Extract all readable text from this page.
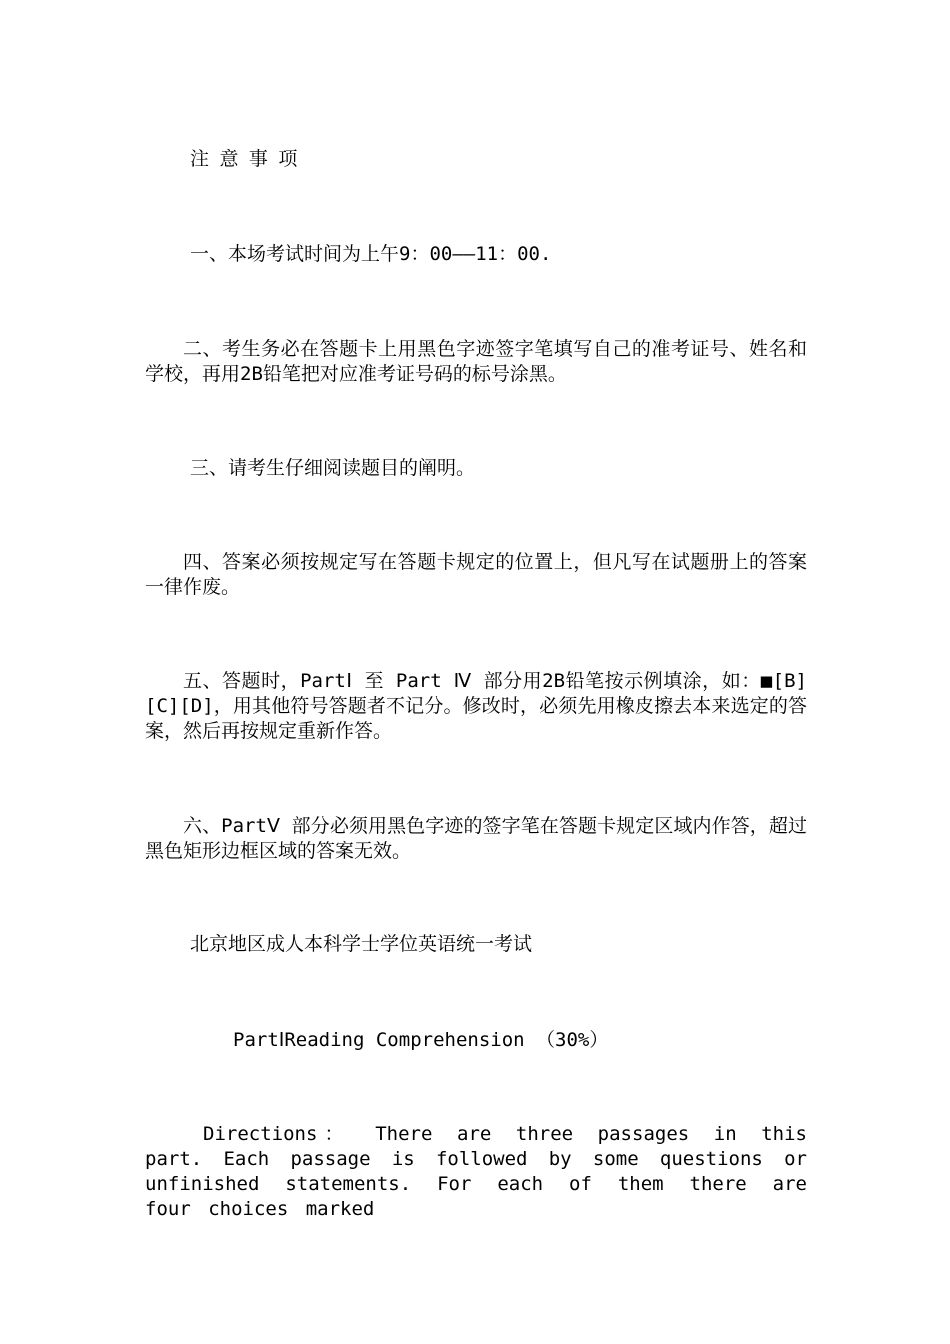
注意事项
一、本场考试时间为上午9：00——11：00.
二、考生务必在答题卡上用黑色字迹签字笔填写自己的准考证号、姓名和学校，再用2B铅笔把对应准考证号码的标号涂黑。
三、请考生仔细阅读题目的阐明。
四、答案必须按规定写在答题卡规定的位置上，但凡写在试题册上的答案一律作废。
五、答题时，PartⅠ 至 Part Ⅳ 部分用2B铅笔按示例填涂，如：■[B][C][D]，用其他符号答题者不记分。修改时，必须先用橡皮擦去本来选定的答案，然后再按规定重新作答。
六、PartⅤ 部分必须用黑色字迹的签字笔在答题卡规定区域内作答，超过黑色矩形边框区域的答案无效。
北京地区成人本科学士学位英语统一考试
PartⅠReading Comprehension （30%）
Directions： There are three passages in this part. Each passage is followed by some questions or unfinished statements. For each of them there are four choices marked
